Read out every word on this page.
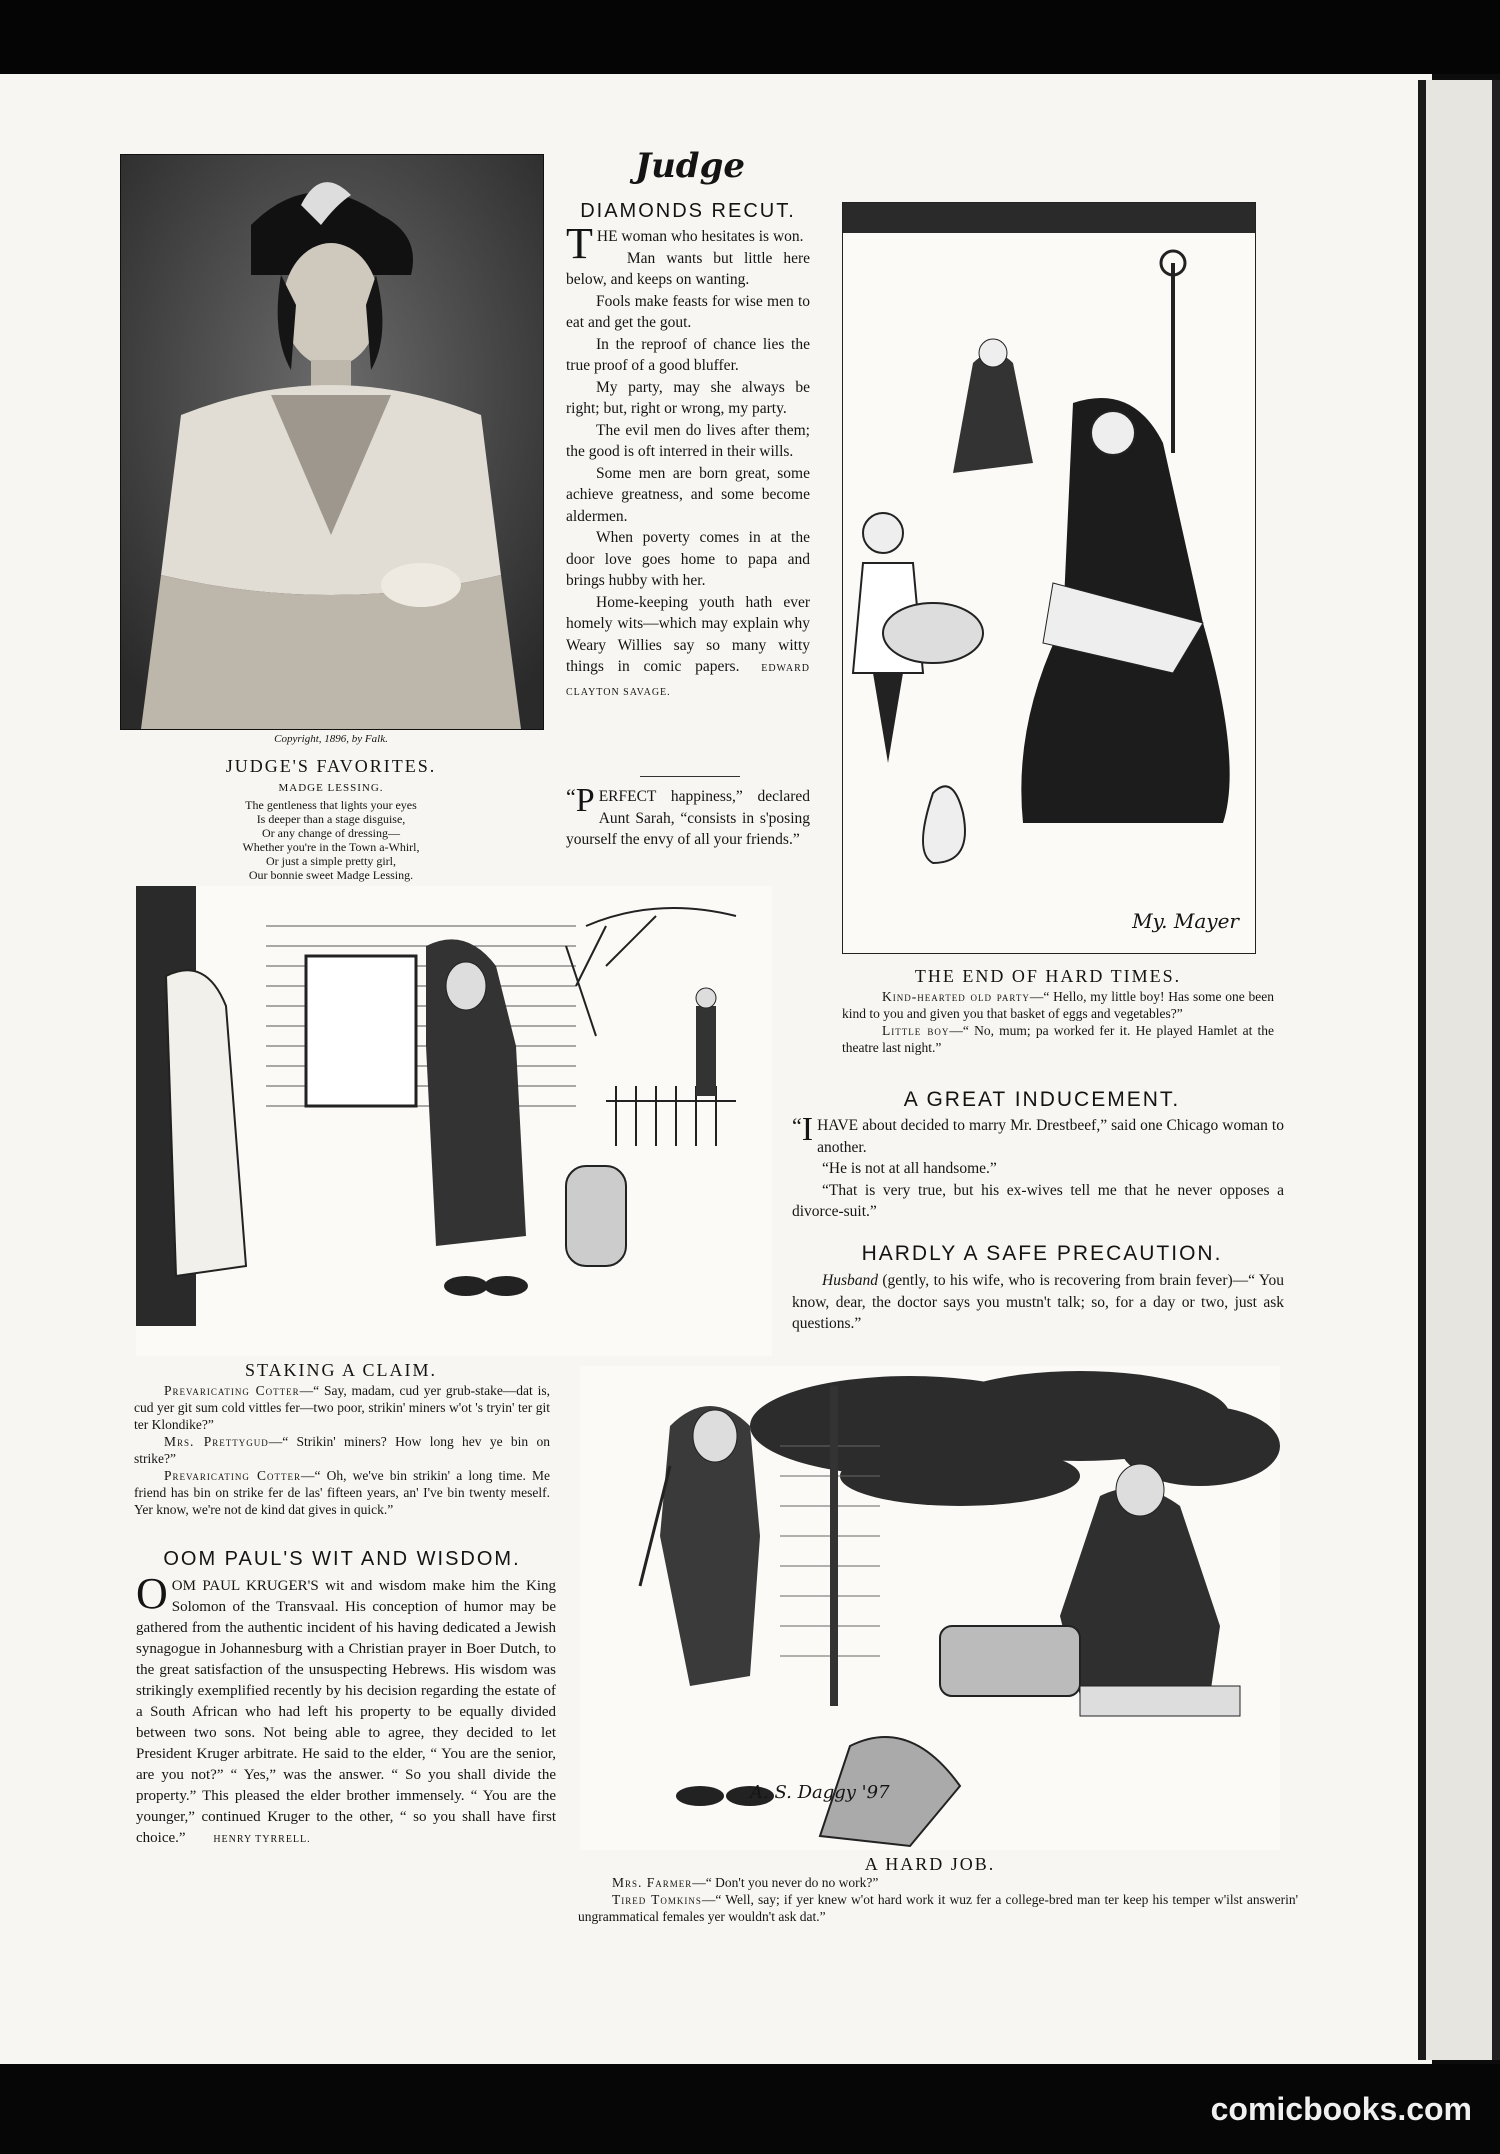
Copyright, 1896, by Falk.
JUDGE'S FAVORITES.
MADGE LESSING.
The gentleness that lights your eyes
Is deeper than a stage disguise,
Or any change of dressing—
Whether you're in the Town a-Whirl,
Or just a simple pretty girl,
Our bonnie sweet Madge Lessing.
Judge
DIAMONDS RECUT.
THE woman who hesitates is won.

Man wants but little here below, and keeps on wanting.

Fools make feasts for wise men to eat and get the gout.

In the reproof of chance lies the true proof of a good bluffer.

My party, may she always be right; but, right or wrong, my party.

The evil men do lives after them; the good is oft interred in their wills.

Some men are born great, some achieve greatness, and some become aldermen.

When poverty comes in at the door love goes home to papa and brings hubby with her.

Home-keeping youth hath ever homely wits—which may explain why Weary Willies say so many witty things in comic papers. EDWARD CLAYTON SAVAGE.

“ P ERFECT happiness,” declared Aunt Sarah, “consists in s'posing yourself the envy of all your friends.”
My. Mayer
THE END OF HARD TIMES.
Kind-hearted old party—“ Hello, my little boy! Has some one been kind to you and given you that basket of eggs and vegetables?”
Little boy—“ No, mum; pa worked fer it. He played Hamlet at the theatre last night.”
A GREAT INDUCEMENT.
“ I HAVE about decided to marry Mr. Drestbeef,” said one Chicago woman to another.

“He is not at all handsome.”

“That is very true, but his ex-wives tell me that he never opposes a divorce-suit.”

HARDLY A SAFE PRECAUTION.

Husband (gently, to his wife, who is recovering from brain fever)—“ You know, dear, the doctor says you mustn't talk; so, for a day or two, just ask questions.”

STAKING A CLAIM.
Prevaricating Cotter—“ Say, madam, cud yer grub-stake—dat is, cud yer git sum cold vittles fer—two poor, strikin' miners w'ot 's tryin' ter git ter Klondike?”
Mrs. Prettygud—“ Strikin' miners? How long hev ye bin on strike?”
Prevaricating Cotter—“ Oh, we've bin strikin' a long time. Me friend has bin on strike fer de las' fifteen years, an' I've bin twenty meself. Yer know, we're not de kind dat gives in quick.”
OOM PAUL'S WIT AND WISDOM.
OOM PAUL KRUGER'S wit and wisdom make him the King Solomon of the Transvaal. His conception of humor may be gathered from the authentic incident of his having dedicated a Jewish synagogue in Johannesburg with a Christian prayer in Boer Dutch, to the great satisfaction of the unsuspecting Hebrews. His wisdom was strikingly exemplified recently by his decision regarding the estate of a South African who had left his property to be equally divided between two sons. Not being able to agree, they decided to let President Kruger arbitrate. He said to the elder, “ You are the senior, are you not?” “ Yes,” was the answer. “ So you shall divide the property.” This pleased the elder brother immensely. “ You are the younger,” continued Kruger to the other, “ so you shall have first choice.”	HENRY TYRRELL.
A. S. Daggy '97
A HARD JOB.
Mrs. Farmer—“ Don't you never do no work?”
Tired Tomkins—“ Well, say; if yer knew w'ot hard work it wuz fer a college-bred man ter keep his temper w'ilst answerin' ungrammatical females yer wouldn't ask dat.”
comicbooks.com
